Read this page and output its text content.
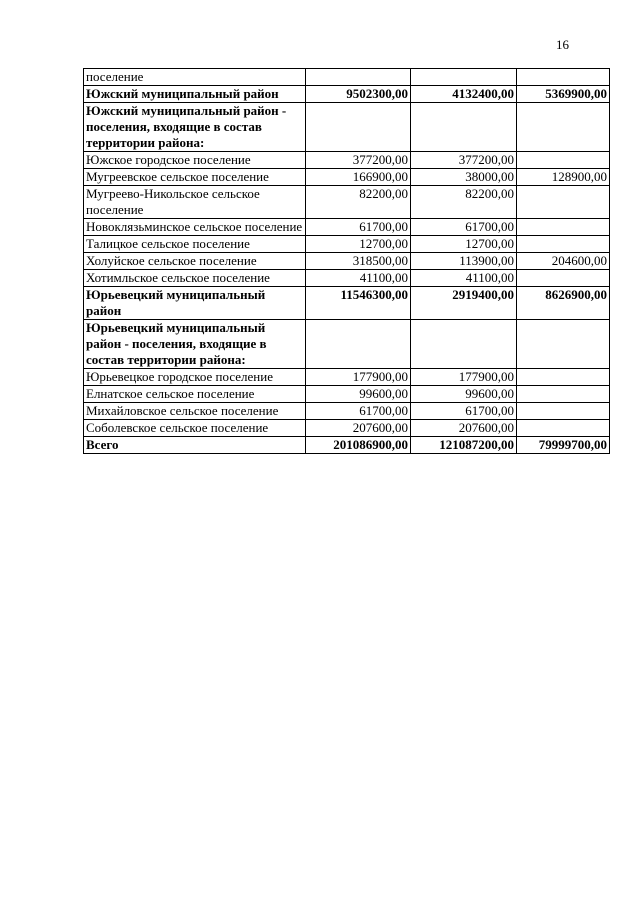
16
поселение			
Южский муниципальный район	9502300,00	4132400,00	5369900,00
Южский муниципальный район - поселения, входящие в состав территории района:			
Южское городское поселение	377200,00	377200,00	
Мугреевское сельское поселение	166900,00	38000,00	128900,00
Мугреево-Никольское сельское поселение	82200,00	82200,00	
Новоклязьминское сельское поселение	61700,00	61700,00	
Талицкое сельское поселение	12700,00	12700,00	
Холуйское сельское поселение	318500,00	113900,00	204600,00
Хотимльское сельское поселение	41100,00	41100,00	
Юрьевецкий муниципальный район	11546300,00	2919400,00	8626900,00
Юрьевецкий муниципальный район - поселения, входящие в состав территории района:			
Юрьевецкое городское поселение	177900,00	177900,00	
Елнатское сельское поселение	99600,00	99600,00	
Михайловское сельское поселение	61700,00	61700,00	
Соболевское сельское поселение	207600,00	207600,00	
Всего	201086900,00	121087200,00	79999700,00
